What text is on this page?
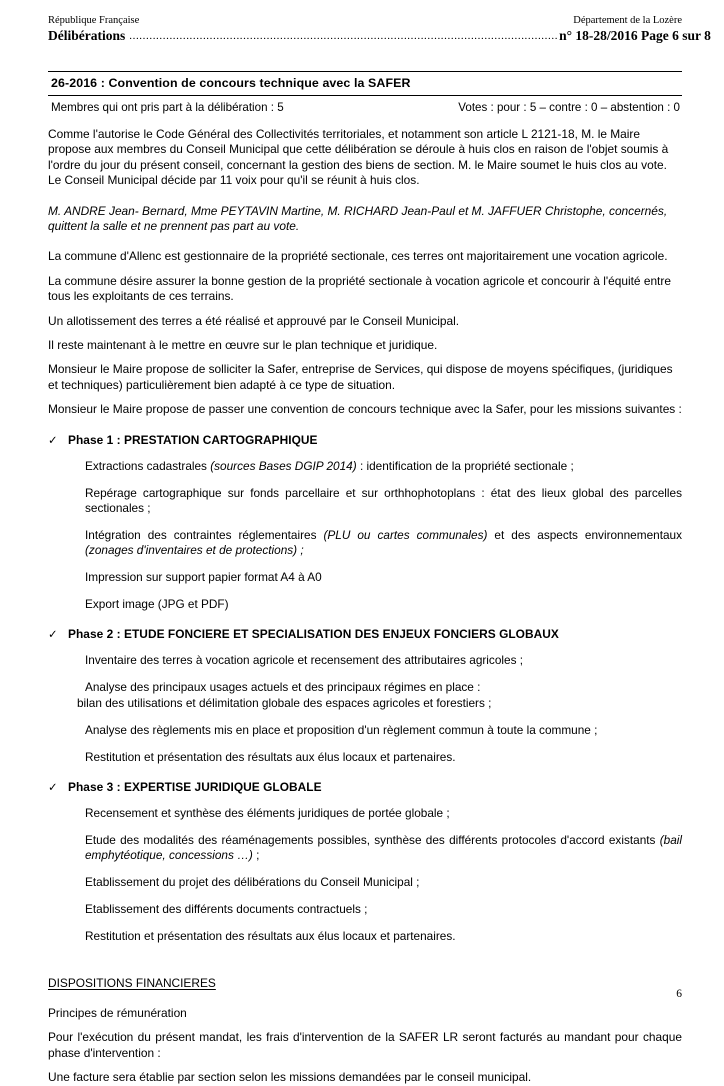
République Française	Département de la Lozère
Délibérations ................................................................................................................................ n° 18-28/2016 Page 6 sur 8
26-2016 : Convention de concours technique avec la SAFER
Membres qui ont pris part à la délibération : 5	Votes : pour : 5 – contre : 0 – abstention : 0

Comme l'autorise le Code Général des Collectivités territoriales, et notamment son article L 2121-18, M. le Maire propose aux membres du Conseil Municipal que cette délibération se déroule à huis clos en raison de l'objet soumis à l'ordre du jour du présent conseil, concernant la gestion des biens de section. M. le Maire soumet le huis clos au vote. Le Conseil Municipal décide par 11 voix pour qu'il se réunit à huis clos.

M. ANDRE Jean- Bernard, Mme PEYTAVIN Martine, M. RICHARD Jean-Paul et M. JAFFUER Christophe, concernés, quittent la salle et ne prennent pas part au vote.

La commune d'Allenc est gestionnaire de la propriété sectionale, ces terres ont majoritairement une vocation agricole.

La commune désire assurer la bonne gestion de la propriété sectionale à vocation agricole et concourir à l'équité entre tous les exploitants de ces terrains.

Un allotissement des terres a été réalisé et approuvé par le Conseil Municipal.

Il reste maintenant à le mettre en œuvre sur le plan technique et juridique.

Monsieur le Maire propose de solliciter la Safer, entreprise de Services, qui dispose de moyens spécifiques, (juridiques et techniques) particulièrement bien adapté à ce type de situation.

Monsieur le Maire propose de passer une convention de concours technique avec la Safer, pour les missions suivantes :

✓ Phase 1 : PRESTATION CARTOGRAPHIQUE

Extractions cadastrales (sources Bases DGIP 2014) : identification de la propriété sectionale ;

Repérage cartographique sur fonds parcellaire et sur orthhophotoplans : état des lieux global des parcelles sectionales ;

Intégration des contraintes réglementaires (PLU ou cartes communales) et des aspects environnementaux (zonages d'inventaires et de protections) ;

Impression sur support papier format A4 à A0

Export image (JPG et PDF)

✓ Phase 2 : ETUDE FONCIERE ET SPECIALISATION DES ENJEUX FONCIERS GLOBAUX

Inventaire des terres à vocation agricole et recensement des attributaires agricoles ;

Analyse des principaux usages actuels et des principaux régimes en place :
bilan des utilisations et délimitation globale des espaces agricoles et forestiers ;

Analyse des règlements mis en place et proposition d'un règlement commun à toute la commune ;

Restitution et présentation des résultats aux élus locaux et partenaires.

✓ Phase 3 : EXPERTISE JURIDIQUE GLOBALE

Recensement et synthèse des éléments juridiques de portée globale ;

Etude des modalités des réaménagements possibles, synthèse des différents protocoles d'accord existants (bail emphytéotique, concessions …) ;

Etablissement du projet des délibérations du Conseil Municipal ;

Etablissement des différents documents contractuels ;

Restitution et présentation des résultats aux élus locaux et partenaires.

DISPOSITIONS FINANCIERES

Principes de rémunération

Pour l'exécution du présent mandat, les frais d'intervention de la SAFER LR seront facturés au mandant pour chaque phase d'intervention :

Une facture sera établie par section selon les missions demandées par le conseil municipal.

6
